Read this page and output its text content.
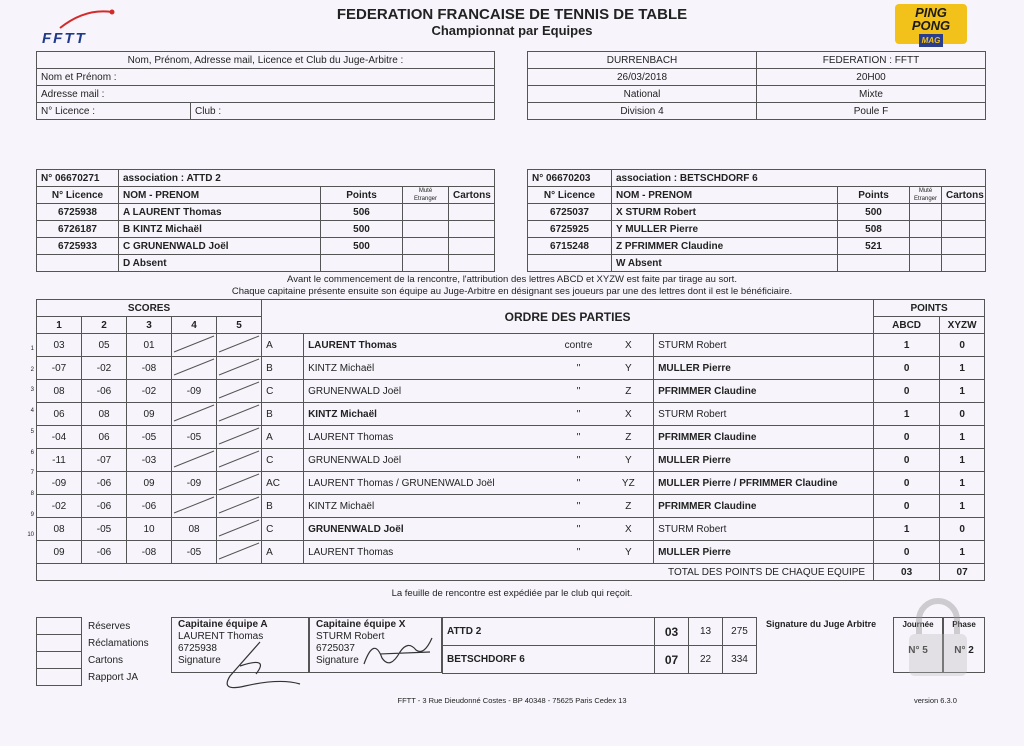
FFTT
FEDERATION FRANCAISE DE TENNIS DE TABLE
Championnat par Equipes
PING
PONG
MAG
Nom, Prénom, Adresse mail, Licence et Club du Juge-Arbitre :
Nom et Prénom :
Adresse mail :
N° Licence :	Club :
DURRENBACH	FEDERATION : FFTT
26/03/2018	20H00
National	Mixte
Division 4	Poule F
N° 06670271	association : ATTD 2			
N° Licence	NOM - PRENOM	Points	Muté
Etranger	Cartons
6725938	A LAURENT Thomas	506		
6726187	B KINTZ Michaël	500		
6725933	C GRUNENWALD Joël	500		
	D Absent			
N° 06670203	association : BETSCHDORF 6			
N° Licence	NOM - PRENOM	Points	Muté
Etranger	Cartons
6725037	X STURM Robert	500		
6725925	Y MULLER Pierre	508		
6715248	Z PFRIMMER Claudine	521		
	W Absent			
Avant le commencement de la rencontre, l'attribution des lettres ABCD et XYZW est faite par tirage au sort.
Chaque capitaine présente ensuite son équipe au Juge-Arbitre en désignant ses joueurs par une des lettres dont il est le bénéficiaire.
1
2
3
4
5
6
7
8
9
10
SCORES					ORDRE DES PARTIES					POINTS	
1	2	3	4	5						ABCD	XYZW
03	05	01			A	LAURENT Thomas	contre	X	STURM Robert	1	0
-07	-02	-08			B	KINTZ Michaël	"	Y	MULLER Pierre	0	1
08	-06	-02	-09		C	GRUNENWALD Joël	"	Z	PFRIMMER Claudine	0	1
06	08	09			B	KINTZ Michaël	"	X	STURM Robert	1	0
-04	06	-05	-05		A	LAURENT Thomas	"	Z	PFRIMMER Claudine	0	1
-11	-07	-03			C	GRUNENWALD Joël	"	Y	MULLER Pierre	0	1
-09	-06	09	-09		AC	LAURENT Thomas / GRUNENWALD Joël	"	YZ	MULLER Pierre / PFRIMMER Claudine	0	1
-02	-06	-06			B	KINTZ Michaël	"	Z	PFRIMMER Claudine	0	1
08	-05	10	08		C	GRUNENWALD Joël	"	X	STURM Robert	1	0
09	-06	-08	-05		A	LAURENT Thomas	"	Y	MULLER Pierre	0	1
TOTAL DES POINTS DE CHAQUE EQUIPE										03	07
La feuille de rencontre est expédiée par le club qui reçoit.
	Réserves
	Réclamations
	Cartons
	Rapport JA
Capitaine équipe A
LAURENT Thomas
6725938
Signature
Capitaine équipe X
STURM Robert
6725037
Signature
ATTD 2	03	13	275
BETSCHDORF 6	07	22	334
Signature du Juge Arbitre	Journée
N° 5
Phase
N° 2
FFTT - 3 Rue Dieudonné Costes - BP 40348 - 75625 Paris Cedex 13	version 6.3.0
